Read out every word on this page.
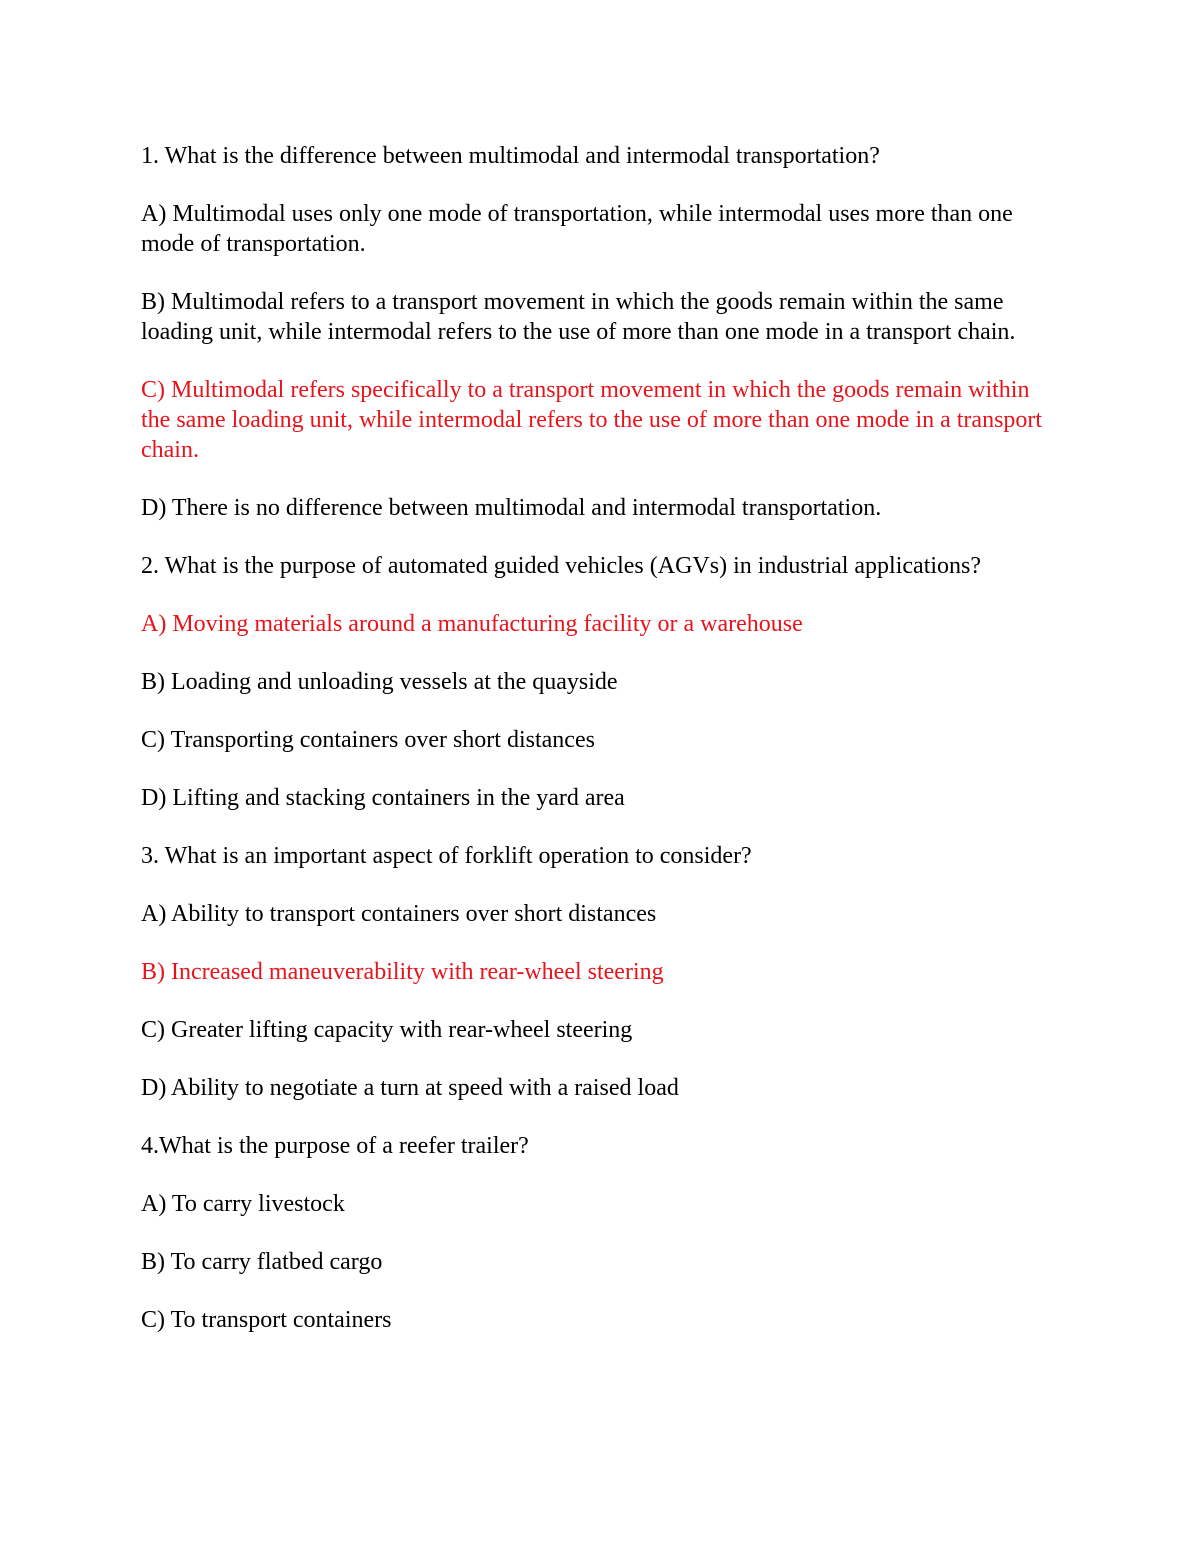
1. What is the difference between multimodal and intermodal transportation?

A) Multimodal uses only one mode of transportation, while intermodal uses more than one mode of transportation.

B) Multimodal refers to a transport movement in which the goods remain within the same loading unit, while intermodal refers to the use of more than one mode in a transport chain.

C) Multimodal refers specifically to a transport movement in which the goods remain within the same loading unit, while intermodal refers to the use of more than one mode in a transport chain.

D) There is no difference between multimodal and intermodal transportation.

2. What is the purpose of automated guided vehicles (AGVs) in industrial applications?

A) Moving materials around a manufacturing facility or a warehouse

B) Loading and unloading vessels at the quayside

C) Transporting containers over short distances

D) Lifting and stacking containers in the yard area

3. What is an important aspect of forklift operation to consider?

A) Ability to transport containers over short distances

B) Increased maneuverability with rear-wheel steering

C) Greater lifting capacity with rear-wheel steering

D) Ability to negotiate a turn at speed with a raised load

4.What is the purpose of a reefer trailer?

A) To carry livestock

B) To carry flatbed cargo

C) To transport containers
